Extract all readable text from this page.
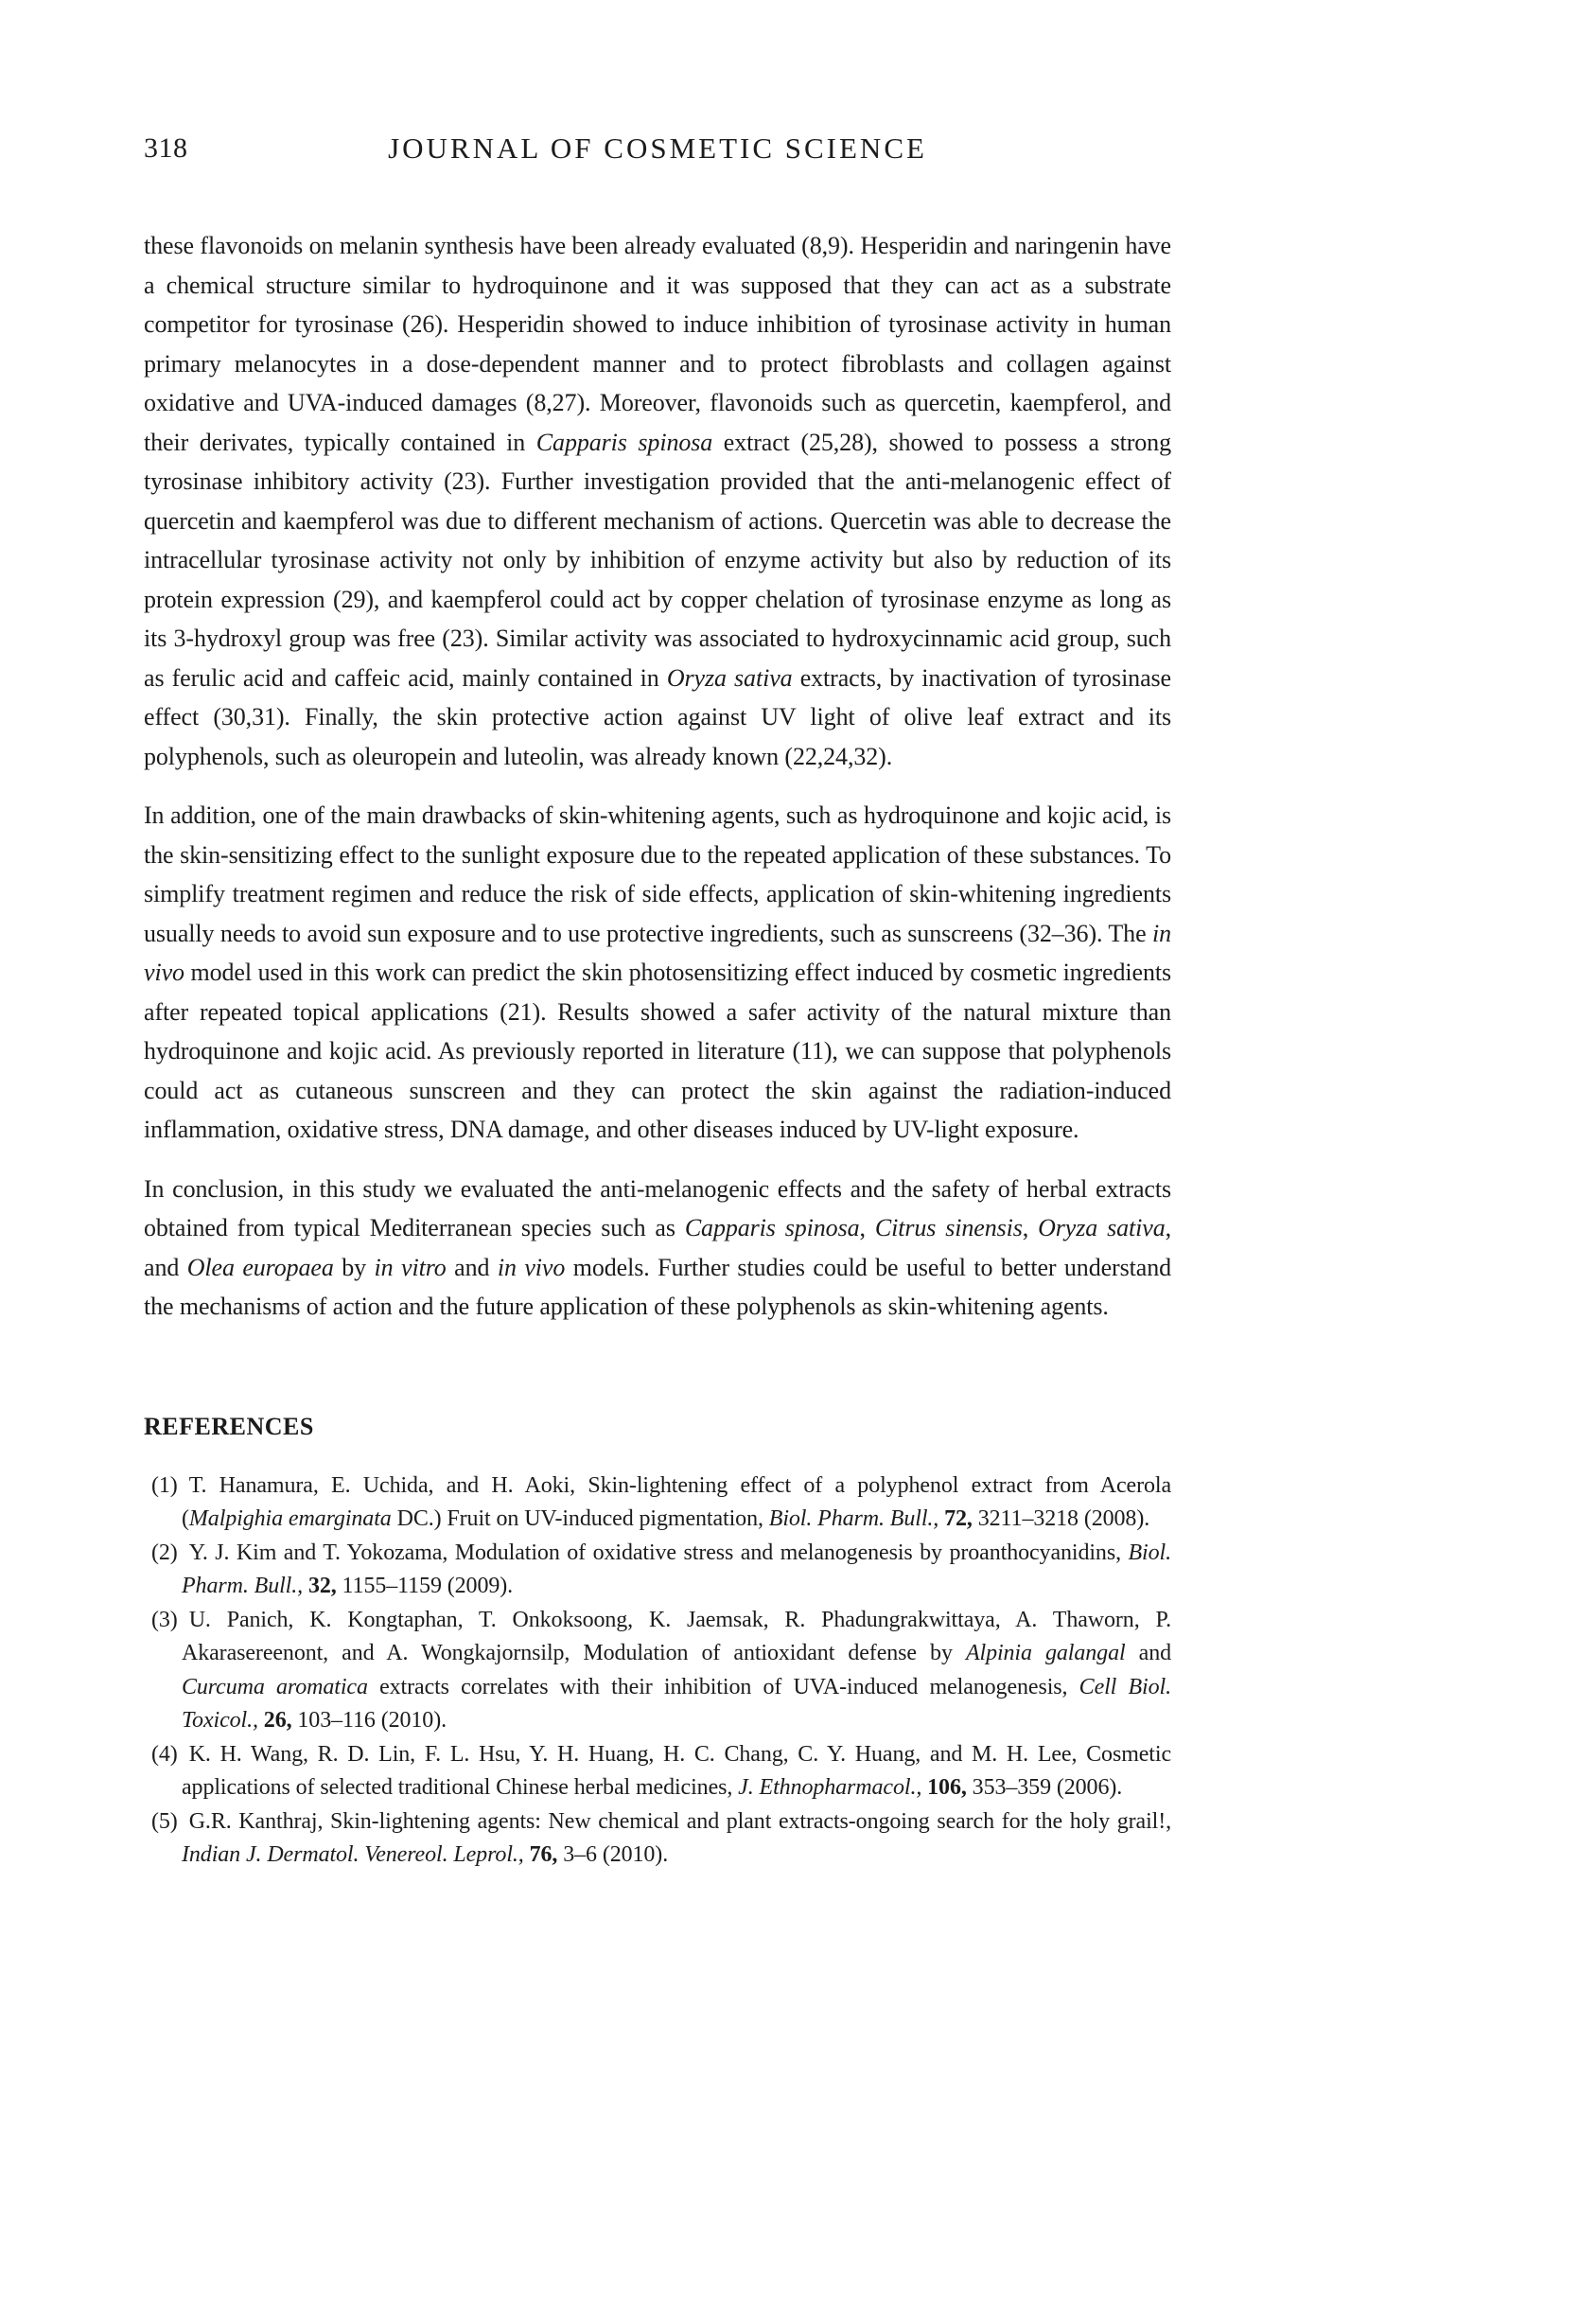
318	JOURNAL OF COSMETIC SCIENCE

these flavonoids on melanin synthesis have been already evaluated (8,9). Hesperidin and naringenin have a chemical structure similar to hydroquinone and it was supposed that they can act as a substrate competitor for tyrosinase (26). Hesperidin showed to induce inhibition of tyrosinase activity in human primary melanocytes in a dose-dependent manner and to protect fibroblasts and collagen against oxidative and UVA-induced damages (8,27). Moreover, flavonoids such as quercetin, kaempferol, and their derivates, typically contained in Capparis spinosa extract (25,28), showed to possess a strong tyrosinase inhibitory activity (23). Further investigation provided that the anti-melanogenic effect of quercetin and kaempferol was due to different mechanism of actions. Quercetin was able to decrease the intracellular tyrosinase activity not only by inhibition of enzyme activity but also by reduction of its protein expression (29), and kaempferol could act by copper chelation of tyrosinase enzyme as long as its 3-hydroxyl group was free (23). Similar activity was associated to hydroxycinnamic acid group, such as ferulic acid and caffeic acid, mainly contained in Oryza sativa extracts, by inactivation of tyrosinase effect (30,31). Finally, the skin protective action against UV light of olive leaf extract and its polyphenols, such as oleuropein and luteolin, was already known (22,24,32).

In addition, one of the main drawbacks of skin-whitening agents, such as hydroquinone and kojic acid, is the skin-sensitizing effect to the sunlight exposure due to the repeated application of these substances. To simplify treatment regimen and reduce the risk of side effects, application of skin-whitening ingredients usually needs to avoid sun exposure and to use protective ingredients, such as sunscreens (32–36). The in vivo model used in this work can predict the skin photosensitizing effect induced by cosmetic ingredients after repeated topical applications (21). Results showed a safer activity of the natural mixture than hydroquinone and kojic acid. As previously reported in literature (11), we can suppose that polyphenols could act as cutaneous sunscreen and they can protect the skin against the radiation-induced inflammation, oxidative stress, DNA damage, and other diseases induced by UV-light exposure.

In conclusion, in this study we evaluated the anti-melanogenic effects and the safety of herbal extracts obtained from typical Mediterranean species such as Capparis spinosa, Citrus sinensis, Oryza sativa, and Olea europaea by in vitro and in vivo models. Further studies could be useful to better understand the mechanisms of action and the future application of these polyphenols as skin-whitening agents.

REFERENCES
(1) T. Hanamura, E. Uchida, and H. Aoki, Skin-lightening effect of a polyphenol extract from Acerola (Malpighia emarginata DC.) Fruit on UV-induced pigmentation, Biol. Pharm. Bull., 72, 3211–3218 (2008).
(2) Y. J. Kim and T. Yokozama, Modulation of oxidative stress and melanogenesis by proanthocyanidins, Biol. Pharm. Bull., 32, 1155–1159 (2009).
(3) U. Panich, K. Kongtaphan, T. Onkoksoong, K. Jaemsak, R. Phadungrakwittaya, A. Thaworn, P. Akarasereenont, and A. Wongkajornsilp, Modulation of antioxidant defense by Alpinia galangal and Curcuma aromatica extracts correlates with their inhibition of UVA-induced melanogenesis, Cell Biol. Toxicol., 26, 103–116 (2010).
(4) K. H. Wang, R. D. Lin, F. L. Hsu, Y. H. Huang, H. C. Chang, C. Y. Huang, and M. H. Lee, Cosmetic applications of selected traditional Chinese herbal medicines, J. Ethnopharmacol., 106, 353–359 (2006).
(5) G.R. Kanthraj, Skin-lightening agents: New chemical and plant extracts-ongoing search for the holy grail!, Indian J. Dermatol. Venereol. Leprol., 76, 3–6 (2010).
